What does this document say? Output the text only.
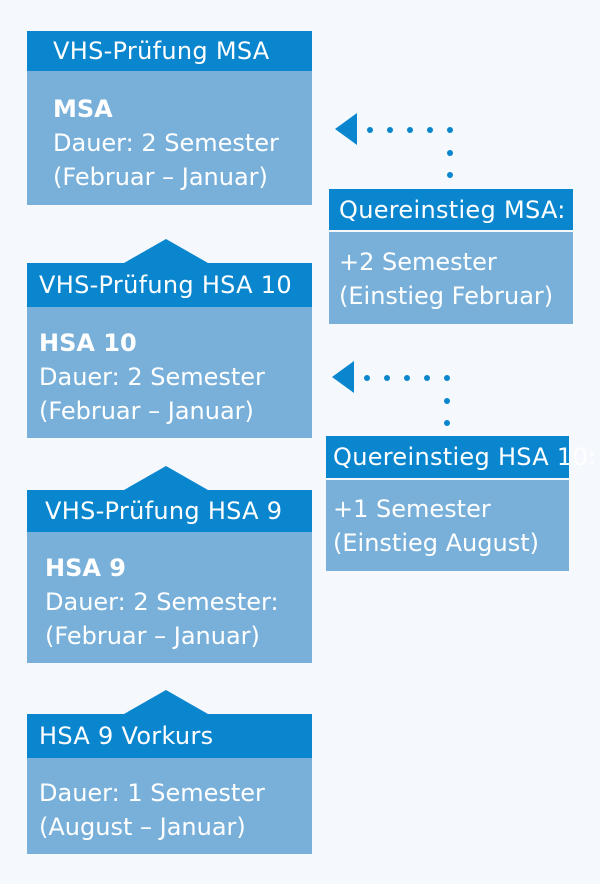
VHS-Prüfung MSA
MSA
Dauer: 2 Semester
(Februar – Januar)
VHS-Prüfung HSA 10
HSA 10
Dauer: 2 Semester
(Februar – Januar)
VHS-Prüfung HSA 9
HSA 9
Dauer: 2 Semester:
(Februar – Januar)
HSA 9 Vorkurs
Dauer: 1 Semester
(August – Januar)
Quereinstieg MSA:
+2 Semester
(Einstieg Februar)
Quereinstieg HSA 10:
+1 Semester
(Einstieg August)
